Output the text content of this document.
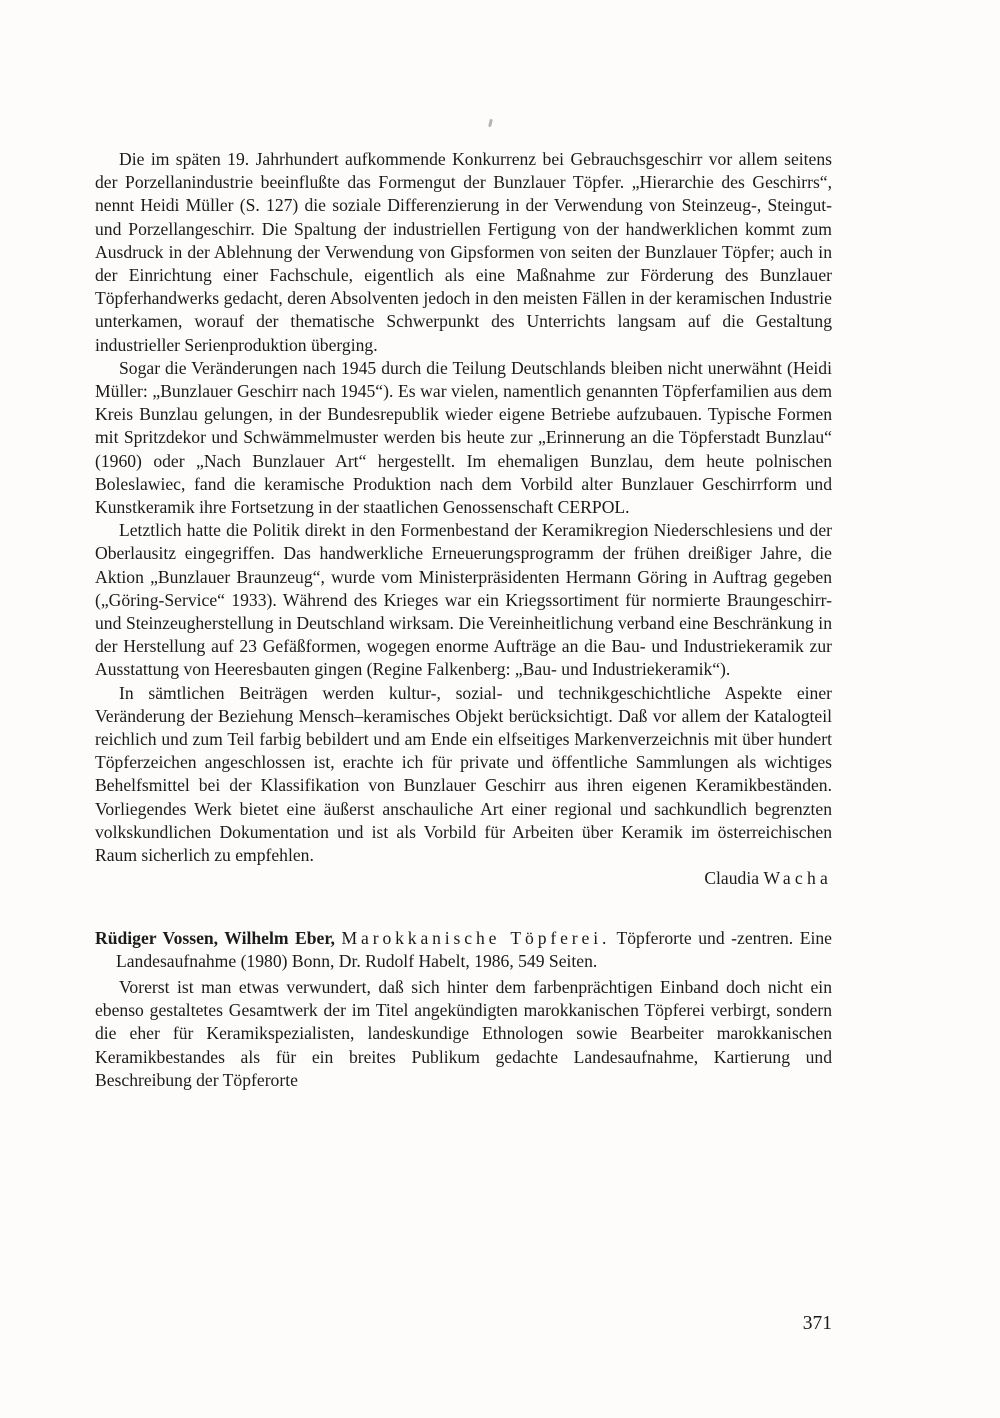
Die im späten 19. Jahrhundert aufkommende Konkurrenz bei Gebrauchsgeschirr vor allem seitens der Porzellanindustrie beeinflußte das Formengut der Bunzlauer Töpfer. „Hierarchie des Geschirrs“, nennt Heidi Müller (S. 127) die soziale Differenzierung in der Verwendung von Steinzeug-, Steingut- und Porzellangeschirr. Die Spaltung der industriellen Fertigung von der handwerklichen kommt zum Ausdruck in der Ablehnung der Verwendung von Gipsformen von seiten der Bunzlauer Töpfer; auch in der Einrichtung einer Fachschule, eigentlich als eine Maßnahme zur Förderung des Bunzlauer Töpferhandwerks gedacht, deren Absolventen jedoch in den meisten Fällen in der keramischen Industrie unterkamen, worauf der thematische Schwerpunkt des Unterrichts langsam auf die Gestaltung industrieller Serienproduktion überging.

Sogar die Veränderungen nach 1945 durch die Teilung Deutschlands bleiben nicht unerwähnt (Heidi Müller: „Bunzlauer Geschirr nach 1945“). Es war vielen, namentlich genannten Töpferfamilien aus dem Kreis Bunzlau gelungen, in der Bundesrepublik wieder eigene Betriebe aufzubauen. Typische Formen mit Spritzdekor und Schwämmelmuster werden bis heute zur „Erinnerung an die Töpferstadt Bunzlau“ (1960) oder „Nach Bunzlauer Art“ hergestellt. Im ehemaligen Bunzlau, dem heute polnischen Boleslawiec, fand die keramische Produktion nach dem Vorbild alter Bunzlauer Geschirrform und Kunstkeramik ihre Fortsetzung in der staatlichen Genossenschaft CERPOL.

Letztlich hatte die Politik direkt in den Formenbestand der Keramikregion Niederschlesiens und der Oberlausitz eingegriffen. Das handwerkliche Erneuerungsprogramm der frühen dreißiger Jahre, die Aktion „Bunzlauer Braunzeug“, wurde vom Ministerpräsidenten Hermann Göring in Auftrag gegeben („Göring-Service“ 1933). Während des Krieges war ein Kriegssortiment für normierte Braungeschirr- und Steinzeugherstellung in Deutschland wirksam. Die Vereinheitlichung verband eine Beschränkung in der Herstellung auf 23 Gefäßformen, wogegen enorme Aufträge an die Bau- und Industriekeramik zur Ausstattung von Heeresbauten gingen (Regine Falkenberg: „Bau- und Industriekeramik“).

In sämtlichen Beiträgen werden kultur-, sozial- und technikgeschichtliche Aspekte einer Veränderung der Beziehung Mensch–keramisches Objekt berücksichtigt. Daß vor allem der Katalogteil reichlich und zum Teil farbig bebildert und am Ende ein elfseitiges Markenverzeichnis mit über hundert Töpferzeichen angeschlossen ist, erachte ich für private und öffentliche Sammlungen als wichtiges Behelfsmittel bei der Klassifikation von Bunzlauer Geschirr aus ihren eigenen Keramikbeständen. Vorliegendes Werk bietet eine äußerst anschauliche Art einer regional und sachkundlich begrenzten volkskundlichen Dokumentation und ist als Vorbild für Arbeiten über Keramik im österreichischen Raum sicherlich zu empfehlen.

Claudia Wacha

Rüdiger Vossen, Wilhelm Eber, Marokkanische Töpferei. Töpferorte und -zentren. Eine Landesaufnahme (1980) Bonn, Dr. Rudolf Habelt, 1986, 549 Seiten.

Vorerst ist man etwas verwundert, daß sich hinter dem farbenprächtigen Einband doch nicht ein ebenso gestaltetes Gesamtwerk der im Titel angekündigten marokkanischen Töpferei verbirgt, sondern die eher für Keramikspezialisten, landeskundige Ethnologen sowie Bearbeiter marokkanischen Keramikbestandes als für ein breites Publikum gedachte Landesaufnahme, Kartierung und Beschreibung der Töpferorte

371
